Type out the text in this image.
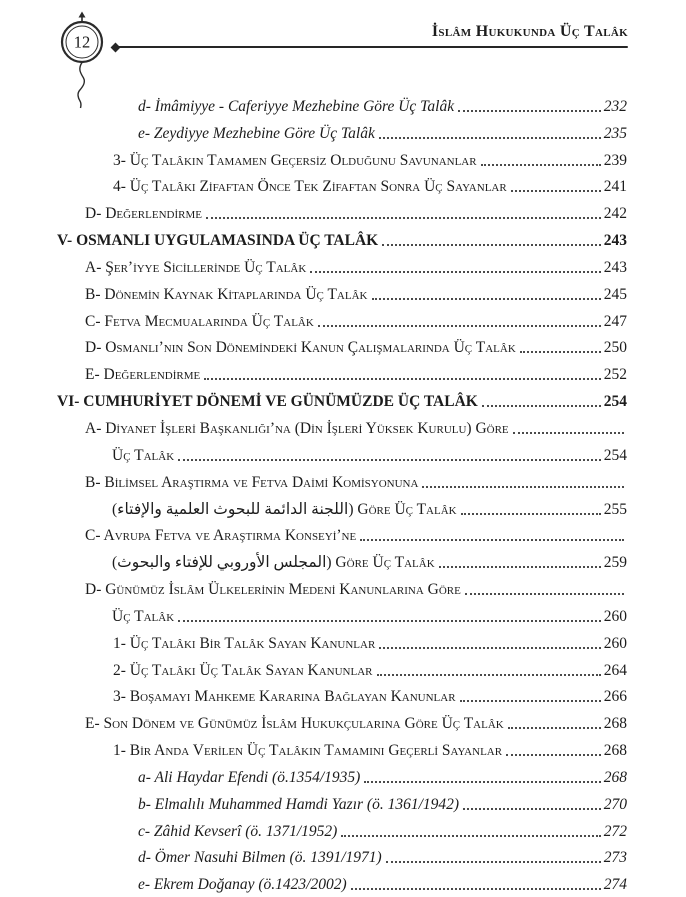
12
İslâm Hukukunda Üç Talâk
d- İmâmiyye - Caferiyye Mezhebine Göre Üç Talâk	232
e- Zeydiyye Mezhebine Göre Üç Talâk	235
3- Üç Talâkın Tamamen Geçersiz Olduğunu Savunanlar	239
4- Üç Talâkı Zifaftan Önce Tek Zifaftan Sonra Üç Sayanlar	241
D- Değerlendirme	242
V- OSMANLI UYGULAMASINDA ÜÇ TALÂK	243
A- Şer’iyye Sicillerinde Üç Talâk	243
B- Dönemin Kaynak Kitaplarında Üç Talâk	245
C- Fetva Mecmualarında Üç Talâk	247
D- Osmanlı’nın Son Dönemindeki Kanun Çalışmalarında Üç Talâk	250
E- Değerlendirme	252
VI- CUMHURİYET DÖNEMİ VE GÜNÜMÜZDE ÜÇ TALÂK	254
A- Diyanet İşleri Başkanlığı’na (Din İşleri Yüksek Kurulu) Göre
Üç Talâk	254
B- Bilimsel Araştırma ve Fetva Daimi Komisyonuna
(اللجنة الدائمة للبحوث العلمية والإفتاء) Göre Üç Talâk	255
C- Avrupa Fetva ve Araştırma Konseyi’ne
(المجلس الأوروبي للإفتاء والبحوث) Göre Üç Talâk	259
D- Günümüz İslâm Ülkelerinin Medeni Kanunlarına Göre
Üç Talâk	260
1- Üç Talâkı Bir Talâk Sayan Kanunlar	260
2- Üç Talâkı Üç Talâk Sayan Kanunlar	264
3- Boşamayı Mahkeme Kararına Bağlayan Kanunlar	266
E- Son Dönem ve Günümüz İslâm Hukukçularına Göre Üç Talâk	268
1- Bir Anda Verilen Üç Talâkın Tamamını Geçerli Sayanlar	268
a- Ali Haydar Efendi (ö.1354/1935)	268
b- Elmalılı Muhammed Hamdi Yazır (ö. 1361/1942)	270
c- Zâhid Kevserî (ö. 1371/1952)	272
d- Ömer Nasuhi Bilmen (ö. 1391/1971)	273
e- Ekrem Doğanay (ö.1423/2002)	274
